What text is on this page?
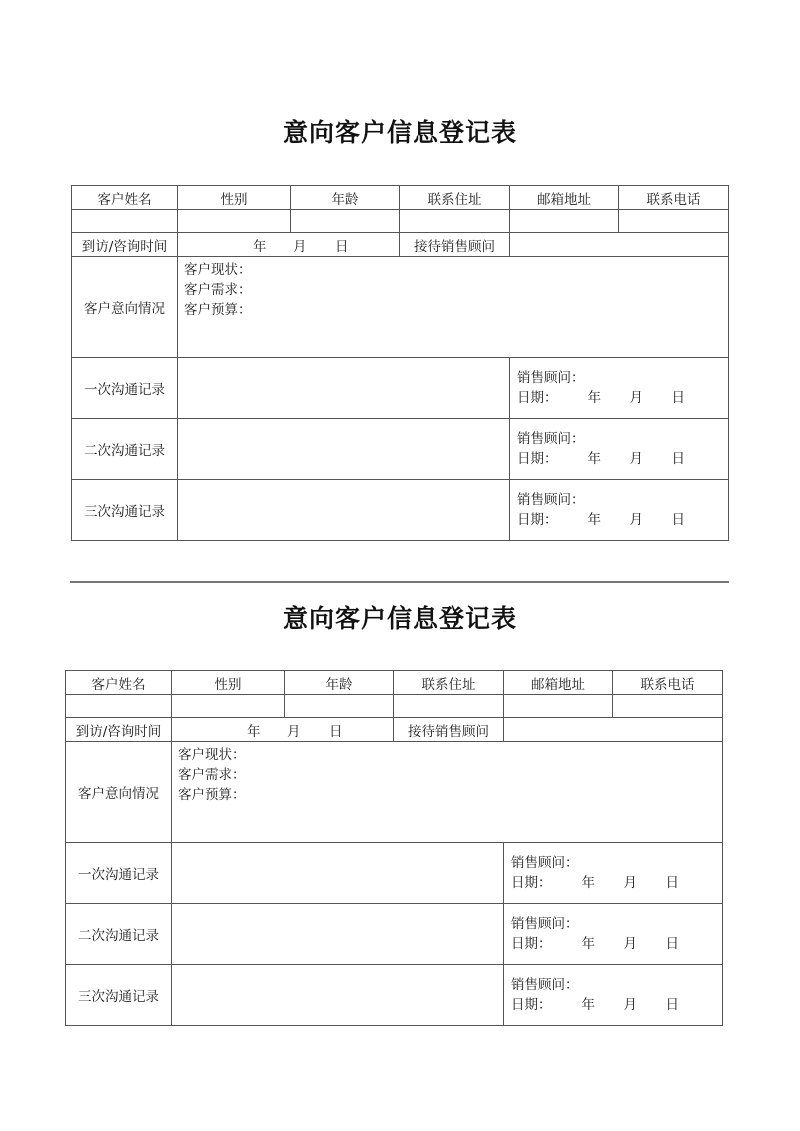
意向客户信息登记表
客户姓名	性别	年龄	联系住址	邮箱地址	联系电话

到访/咨询时间	年 月 日		接待销售顾问		
客户意向情况	客户现状：
客户需求：
客户预算：				

一次沟通记录				销售顾问：
日期： 年 月 日	

二次沟通记录				销售顾问：
日期： 年 月 日	

三次沟通记录				销售顾问：
日期： 年 月 日	
意向客户信息登记表
客户姓名	性别	年龄	联系住址	邮箱地址	联系电话

到访/咨询时间	年 月 日		接待销售顾问		
客户意向情况	客户现状：
客户需求：
客户预算：				

一次沟通记录				销售顾问：
日期： 年 月 日	

二次沟通记录				销售顾问：
日期： 年 月 日	

三次沟通记录				销售顾问：
日期： 年 月 日	
